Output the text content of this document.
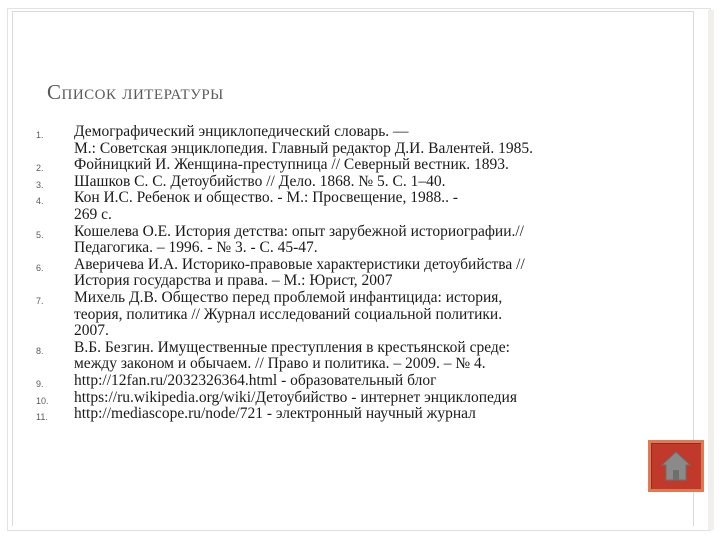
Список литературы
1. Демографический энциклопедический словарь. —
М.: Советская энциклопедия. Главный редактор Д.И. Валентей. 1985.
2. Фойницкий И. Женщина-преступница // Северный вестник. 1893.
3. Шашков С. С. Детоубийство // Дело. 1868. № 5. С. 1–40.
4. Кон И.С. Ребенок и общество. - М.: Просвещение, 1988.. -
269 с.
5. Кошелева О.Е. История детства: опыт зарубежной историографии.//
Педагогика. – 1996. - № 3. - С. 45-47.
6. Аверичева И.А. Историко-правовые характеристики детоубийства //
История государства и права. – М.: Юрист, 2007
7. Михель Д.В. Общество перед проблемой инфантицида: история,
теория, политика // Журнал исследований социальной политики.
2007.
8. В.Б. Безгин. Имущественные преступления в крестьянской среде:
между законом и обычаем. // Право и политика. – 2009. – № 4.
9. http://12fan.ru/2032326364.html - образовательный блог
10. https://ru.wikipedia.org/wiki/Детоубийство - интернет энциклопедия
11. http://mediascope.ru/node/721 - электронный научный журнал
